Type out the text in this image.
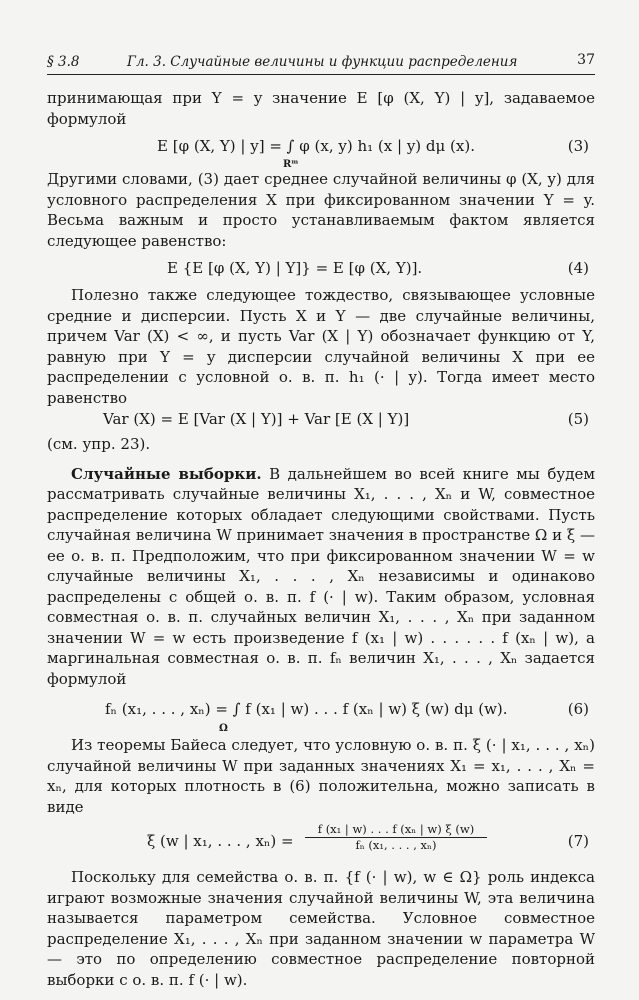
§ 3.8	Гл. 3. Случайные величины и функции распределения	37

принимающая при Y = y значение E [φ (X, Y) | y], задаваемое формулой

E [φ (X, Y) | y] = ∫ φ (x, y) h₁ (x | y) dμ (x).
Rᵐ
(3)

Другими словами, (3) дает среднее случайной величины φ (X, y) для условного распределения X при фиксированном значении Y = y. Весьма важным и просто устанавливаемым фактом является следующее равенство:

E {E [φ (X, Y) | Y]} = E [φ (X, Y)].	(4)

Полезно также следующее тождество, связывающее условные средние и дисперсии. Пусть X и Y — две случайные величины, причем Var (X) < ∞, и пусть Var (X | Y) обозначает функцию от Y, равную при Y = y дисперсии случайной величины X при ее распределении с условной о. в. п. h₁ (· | y). Тогда имеет место равенство

Var (X) = E [Var (X | Y)] + Var [E (X | Y)]	(5)

(см. упр. 23).

Случайные выборки. В дальнейшем во всей книге мы будем рассматривать случайные величины X₁, . . . , Xₙ и W, совместное распределение которых обладает следующими свойствами. Пусть случайная величина W принимает значения в пространстве Ω и ξ — ее о. в. п. Предположим, что при фиксированном значении W = w случайные величины X₁, . . . , Xₙ независимы и одинаково распределены с общей о. в. п. f (· | w). Таким образом, условная совместная о. в. п. случайных величин X₁, . . . , Xₙ при заданном значении W = w есть произведение f (x₁ | w) . . . . . . f (xₙ | w), а маргинальная совместная о. в. п. fₙ величин X₁, . . . , Xₙ задается формулой

fₙ (x₁, . . . , xₙ) = ∫ f (x₁ | w) . . . f (xₙ | w) ξ (w) dμ (w).
Ω
(6)

Из теоремы Байеса следует, что условную о. в. п. ξ (· | x₁, . . . , xₙ) случайной величины W при заданных значениях X₁ = x₁, . . . , Xₙ = xₙ, для которых плотность в (6) положительна, можно записать в виде

ξ (w | x₁, . . . , $x_n) = \frac{\text{f (x₁ | w) . . . f (xₙ | w) ξ (w)}}{\text{fₙ (x₁, . . . , xₙ)}}$	(7)

Поскольку для семейства о. в. п. {f (· | w), w ∈ Ω} роль индекса играют возможные значения случайной величины W, эта величина называется параметром семейства. Условное совместное распределение X₁, . . . , Xₙ при заданном значении w параметра W — это по определению совместное распределение повторной выборки с о. в. п. f (· | w).
